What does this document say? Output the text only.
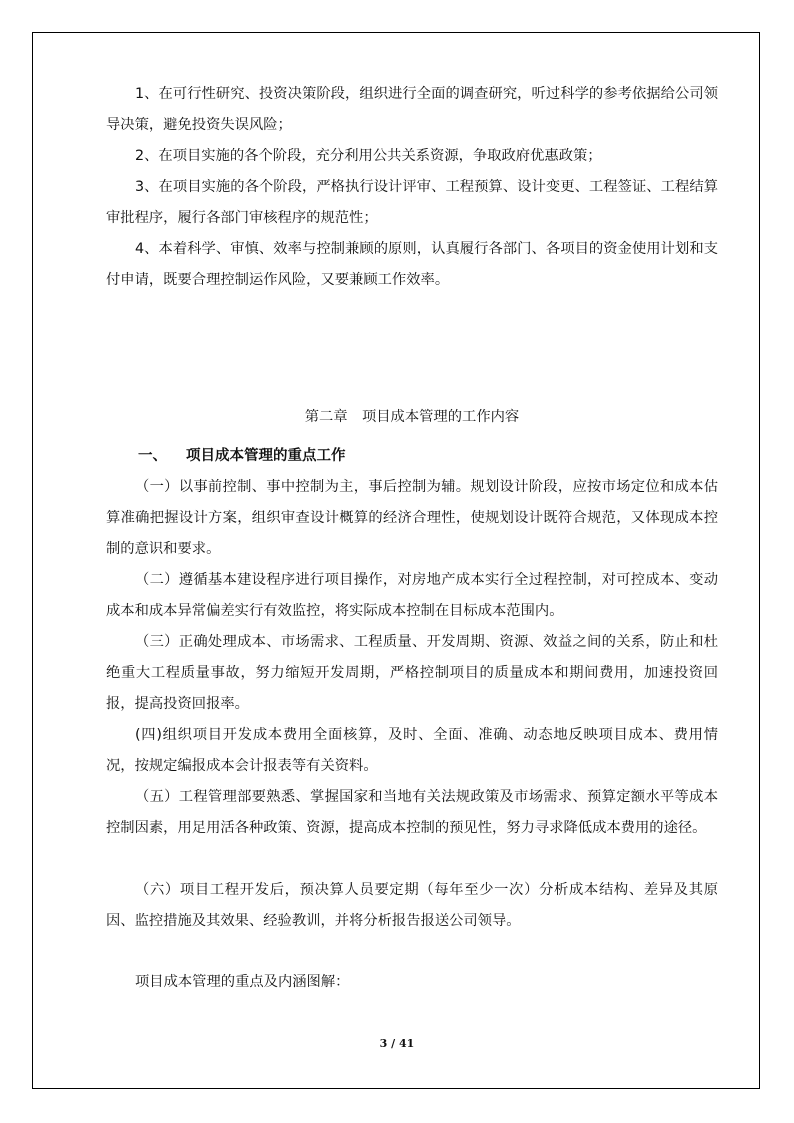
1、在可行性研究、投资决策阶段，组织进行全面的调查研究，听过科学的参考依据给公司领导决策，避免投资失误风险；

2、在项目实施的各个阶段，充分利用公共关系资源，争取政府优惠政策；

3、在项目实施的各个阶段，严格执行设计评审、工程预算、设计变更、工程签证、工程结算审批程序，履行各部门审核程序的规范性；

4、本着科学、审慎、效率与控制兼顾的原则，认真履行各部门、各项目的资金使用计划和支付申请，既要合理控制运作风险，又要兼顾工作效率。

第二章　项目成本管理的工作内容

一、 项目成本管理的重点工作

（一）以事前控制、事中控制为主，事后控制为辅。规划设计阶段，应按市场定位和成本估算准确把握设计方案，组织审查设计概算的经济合理性，使规划设计既符合规范，又体现成本控制的意识和要求。

（二）遵循基本建设程序进行项目操作，对房地产成本实行全过程控制，对可控成本、变动成本和成本异常偏差实行有效监控，将实际成本控制在目标成本范围内。

（三）正确处理成本、市场需求、工程质量、开发周期、资源、效益之间的关系，防止和杜绝重大工程质量事故，努力缩短开发周期，严格控制项目的质量成本和期间费用，加速投资回报，提高投资回报率。

(四)组织项目开发成本费用全面核算，及时、全面、准确、动态地反映项目成本、费用情况，按规定编报成本会计报表等有关资料。

（五）工程管理部要熟悉、掌握国家和当地有关法规政策及市场需求、预算定额水平等成本控制因素，用足用活各种政策、资源，提高成本控制的预见性，努力寻求降低成本费用的途径。

（六）项目工程开发后，预决算人员要定期（每年至少一次）分析成本结构、差异及其原因、监控措施及其效果、经验教训，并将分析报告报送公司领导。

项目成本管理的重点及内涵图解：

3 / 41
